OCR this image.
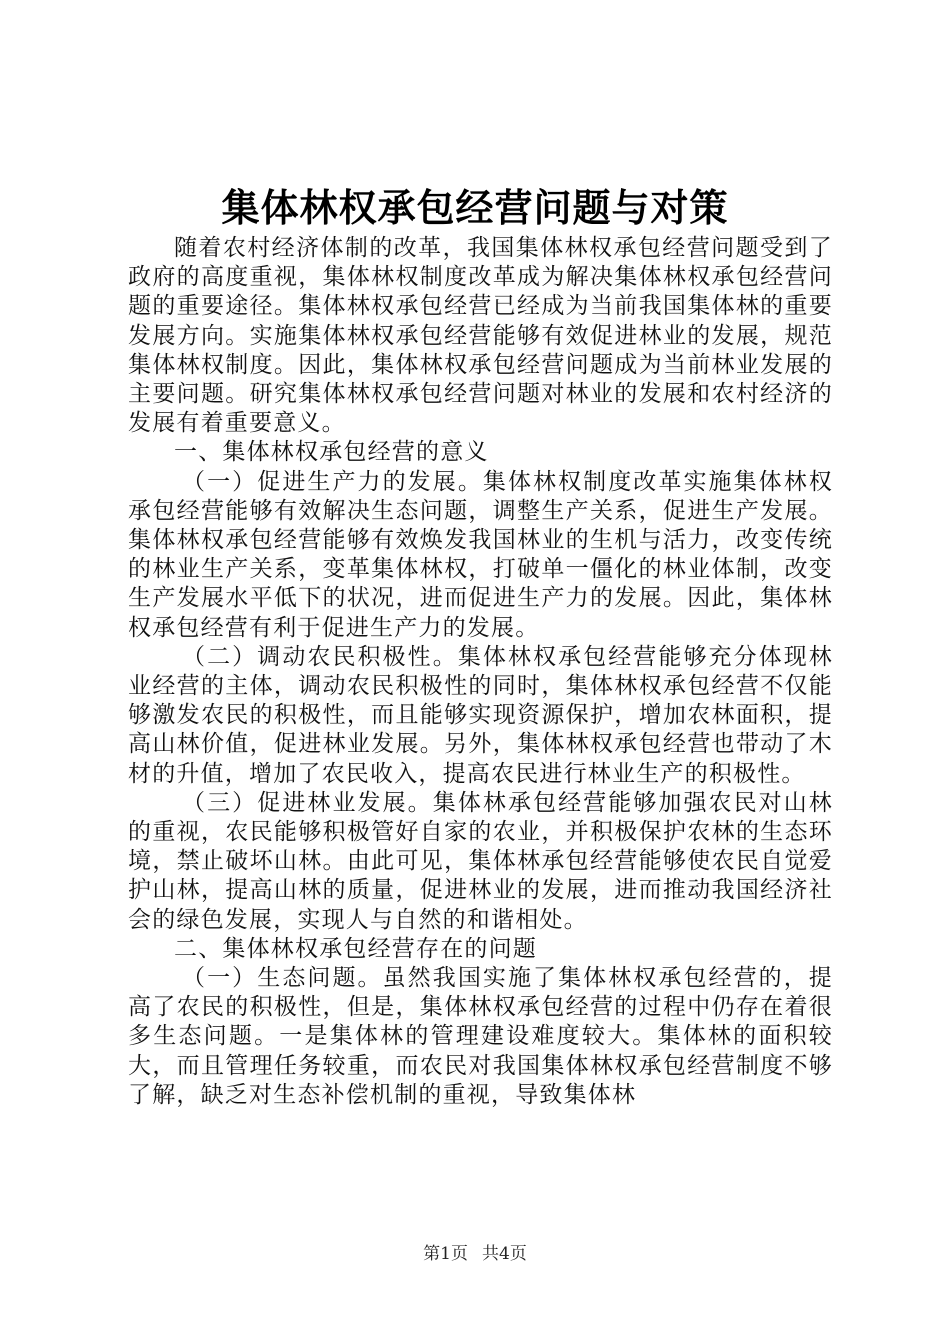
集体林权承包经营问题与对策

随着农村经济体制的改革，我国集体林权承包经营问题受到了政府的高度重视，集体林权制度改革成为解决集体林权承包经营问题的重要途径。集体林权承包经营已经成为当前我国集体林的重要发展方向。实施集体林权承包经营能够有效促进林业的发展，规范集体林权制度。因此，集体林权承包经营问题成为当前林业发展的主要问题。研究集体林权承包经营问题对林业的发展和农村经济的发展有着重要意义。

一、集体林权承包经营的意义

（一）促进生产力的发展。集体林权制度改革实施集体林权承包经营能够有效解决生态问题，调整生产关系，促进生产发展。集体林权承包经营能够有效焕发我国林业的生机与活力，改变传统的林业生产关系，变革集体林权，打破单一僵化的林业体制，改变生产发展水平低下的状况，进而促进生产力的发展。因此，集体林权承包经营有利于促进生产力的发展。

（二）调动农民积极性。集体林权承包经营能够充分体现林业经营的主体，调动农民积极性的同时，集体林权承包经营不仅能够激发农民的积极性，而且能够实现资源保护，增加农林面积，提高山林价值，促进林业发展。另外，集体林权承包经营也带动了木材的升值，增加了农民收入，提高农民进行林业生产的积极性。

（三）促进林业发展。集体林承包经营能够加强农民对山林的重视，农民能够积极管好自家的农业，并积极保护农林的生态环境，禁止破坏山林。由此可见，集体林承包经营能够使农民自觉爱护山林，提高山林的质量，促进林业的发展，进而推动我国经济社会的绿色发展，实现人与自然的和谐相处。

二、集体林权承包经营存在的问题

（一）生态问题。虽然我国实施了集体林权承包经营的，提高了农民的积极性，但是，集体林权承包经营的过程中仍存在着很多生态问题。一是集体林的管理建设难度较大。集体林的面积较大，而且管理任务较重，而农民对我国集体林权承包经营制度不够了解，缺乏对生态补偿机制的重视，导致集体林

第1页 共4页
